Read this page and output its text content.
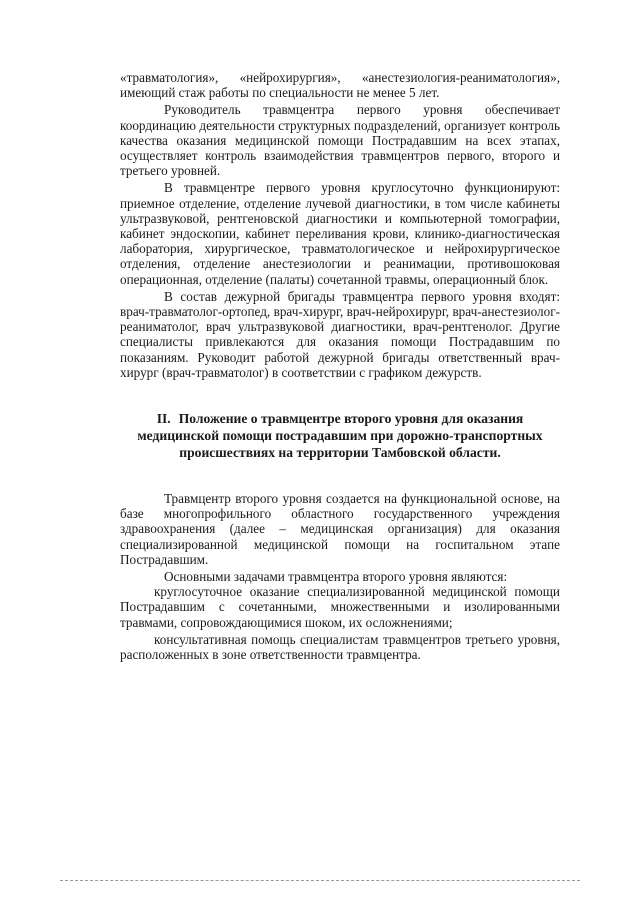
«травматология», «нейрохирургия», «анестезиология-реаниматология», имеющий стаж работы по специальности не менее 5 лет.

Руководитель травмцентра первого уровня обеспечивает координацию деятельности структурных подразделений, организует контроль качества оказания медицинской помощи Пострадавшим на всех этапах, осуществляет контроль взаимодействия травмцентров первого, второго и третьего уровней.

В травмцентре первого уровня круглосуточно функционируют: приемное отделение, отделение лучевой диагностики, в том числе кабинеты ультразвуковой, рентгеновской диагностики и компьютерной томографии, кабинет эндоскопии, кабинет переливания крови, клинико-диагностическая лаборатория, хирургическое, травматологическое и нейрохирургическое отделения, отделение анестезиологии и реанимации, противошоковая операционная, отделение (палаты) сочетанной травмы, операционный блок.

В состав дежурной бригады травмцентра первого уровня входят: врач-травматолог-ортопед, врач-хирург, врач-нейрохирург, врач-анестезиолог-реаниматолог, врач ультразвуковой диагностики, врач-рентгенолог. Другие специалисты привлекаются для оказания помощи Пострадавшим по показаниям. Руководит работой дежурной бригады ответственный врач-хирург (врач-травматолог) в соответствии с графиком дежурств.

II. Положение о травмцентре второго уровня для оказания медицинской помощи пострадавшим при дорожно-транспортных происшествиях на территории Тамбовской области.

Травмцентр второго уровня создается на функциональной основе, на базе многопрофильного областного государственного учреждения здравоохранения (далее – медицинская организация) для оказания специализированной медицинской помощи на госпитальном этапе Пострадавшим.

Основными задачами травмцентра второго уровня являются:

круглосуточное оказание специализированной медицинской помощи Пострадавшим с сочетанными, множественными и изолированными травмами, сопровождающимися шоком, их осложнениями;

консультативная помощь специалистам травмцентров третьего уровня, расположенных в зоне ответственности травмцентра.
